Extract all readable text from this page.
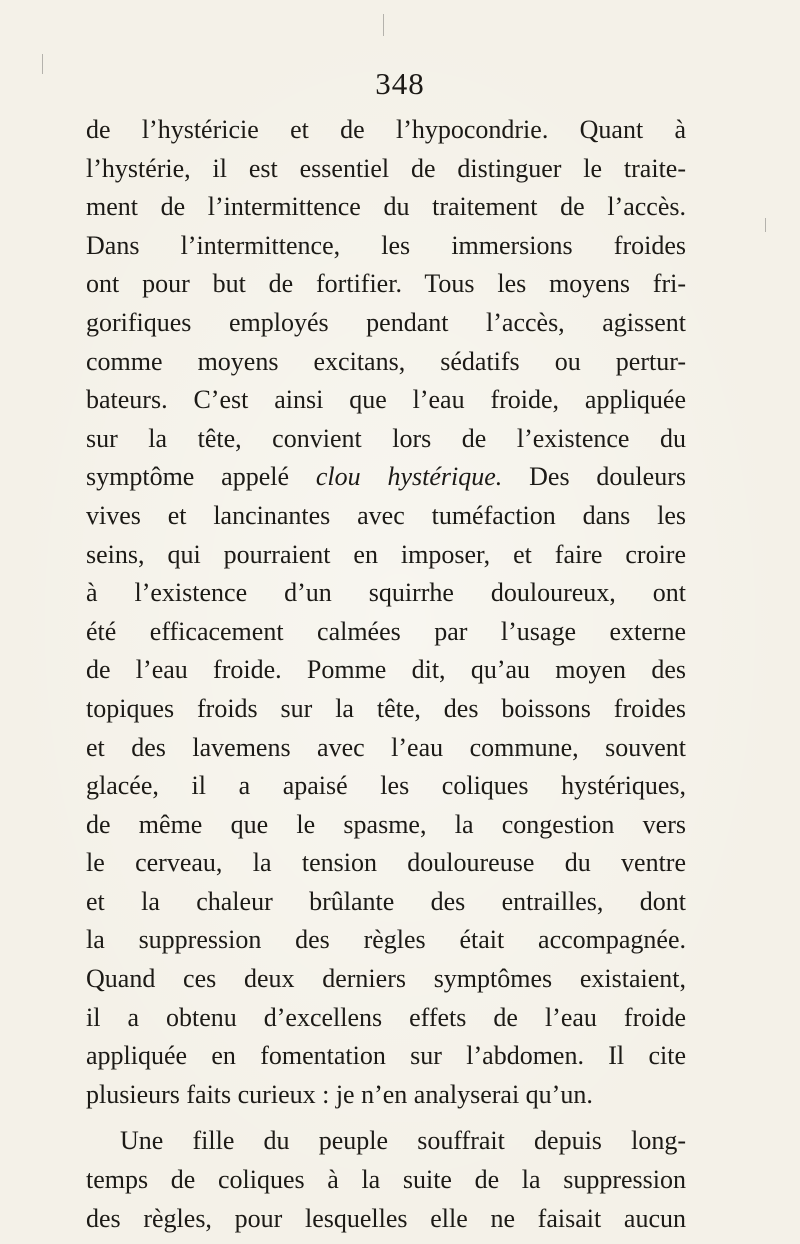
348
de l’hystéricie et de l’hypocondrie. Quant à
l’hystérie, il est essentiel de distinguer le traite-
ment de l’intermittence du traitement de l’accès.
Dans l’intermittence, les immersions froides
ont pour but de fortifier. Tous les moyens fri-
gorifiques employés pendant l’accès, agissent
comme moyens excitans, sédatifs ou pertur-
bateurs. C’est ainsi que l’eau froide, appliquée
sur la tête, convient lors de l’existence du
symptôme appelé clou hystérique. Des douleurs
vives et lancinantes avec tuméfaction dans les
seins, qui pourraient en imposer, et faire croire
à l’existence d’un squirrhe douloureux, ont
été efficacement calmées par l’usage externe
de l’eau froide. Pomme dit, qu’au moyen des
topiques froids sur la tête, des boissons froides
et des lavemens avec l’eau commune, souvent
glacée, il a apaisé les coliques hystériques,
de même que le spasme, la congestion vers
le cerveau, la tension douloureuse du ventre
et la chaleur brûlante des entrailles, dont
la suppression des règles était accompagnée.
Quand ces deux derniers symptômes existaient,
il a obtenu d’excellens effets de l’eau froide
appliquée en fomentation sur l’abdomen. Il cite
plusieurs faits curieux : je n’en analyserai qu’un.
Une fille du peuple souffrait depuis long-
temps de coliques à la suite de la suppression
des règles, pour lesquelles elle ne faisait aucun
